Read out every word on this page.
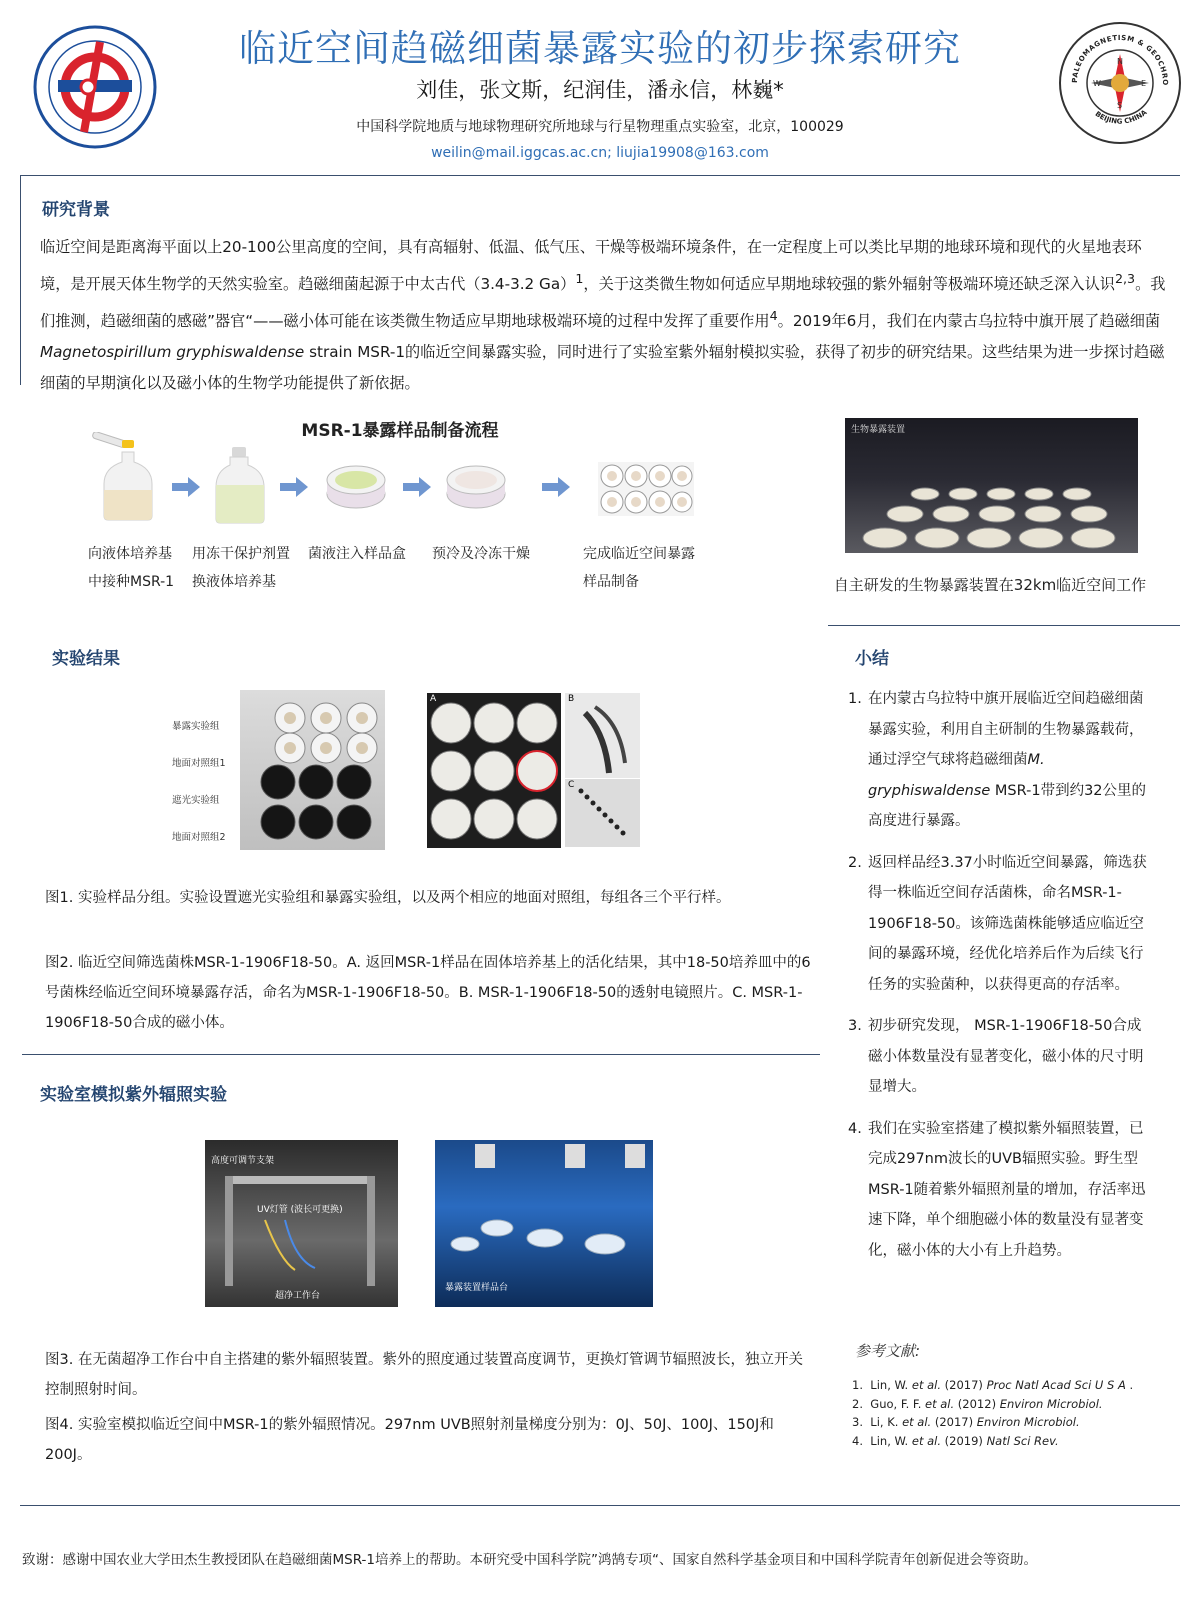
临近空间趋磁细菌暴露实验的初步探索研究
刘佳，张文斯，纪润佳，潘永信，林巍*
中国科学院地质与地球物理研究所地球与行星物理重点实验室，北京，100029
weilin@mail.iggcas.ac.cn; liujia19908@163.com
N
E
S
W
PALEOMAGNETISM & GEOCHRO
BEIJING CHINA
研究背景
临近空间是距离海平面以上20-100公里高度的空间，具有高辐射、低温、低气压、干燥等极端环境条件，在一定程度上可以类比早期的地球环境和现代的火星地表环境，是开展天体生物学的天然实验室。趋磁细菌起源于中太古代（3.4-3.2 Ga）$^1$，关于这类微生物如何适应早期地球较强的紫外辐射等极端环境还缺乏深入认识$^{2,3}$。我们推测，趋磁细菌的感磁”器官“——磁小体可能在该类微生物适应早期地球极端环境的过程中发挥了重要作用$^4$。2019年6月，我们在内蒙古乌拉特中旗开展了趋磁细菌Magnetospirillum gryphiswaldense strain MSR-1的临近空间暴露实验，同时进行了实验室紫外辐射模拟实验，获得了初步的研究结果。这些结果为进一步探讨趋磁细菌的早期演化以及磁小体的生物学功能提供了新依据。
MSR-1暴露样品制备流程
向液体培养基
中接种MSR-1
用冻干保护剂置
换液体培养基
菌液注入样品盒 预冷及冷冻干燥	完成临近空间暴露
样品制备
生物暴露装置
自主研发的生物暴露装置在32km临近空间工作
实验结果
暴露实验组
地面对照组1
遮光实验组
地面对照组2
A	B
C
图1. 实验样品分组。实验设置遮光实验组和暴露实验组，以及两个相应的地面对照组，每组各三个平行样。
图2. 临近空间筛选菌株MSR-1-1906F18-50。A. 返回MSR-1样品在固体培养基上的活化结果，其中18-50培养皿中的6号菌株经临近空间环境暴露存活，命名为MSR-1-1906F18-50。B. MSR-1-1906F18-50的透射电镜照片。C. MSR-1-1906F18-50合成的磁小体。
实验室模拟紫外辐照实验
高度可调节支架
UV灯管 (波长可更换)
超净工作台
暴露装置样品台
图3. 在无菌超净工作台中自主搭建的紫外辐照装置。紫外的照度通过装置高度调节，更换灯管调节辐照波长，独立开关控制照射时间。
图4. 实验室模拟临近空间中MSR-1的紫外辐照情况。297nm UVB照射剂量梯度分别为：0J、50J、100J、150J和200J。
小结
1. 在内蒙古乌拉特中旗开展临近空间趋磁细菌暴露实验，利用自主研制的生物暴露载荷，通过浮空气球将趋磁细菌M. gryphiswaldense MSR-1带到约32公里的高度进行暴露。
2. 返回样品经3.37小时临近空间暴露，筛选获得一株临近空间存活菌株，命名MSR-1-1906F18-50。该筛选菌株能够适应临近空间的暴露环境，经优化培养后作为后续飞行任务的实验菌种，以获得更高的存活率。
3. 初步研究发现， MSR-1-1906F18-50合成磁小体数量没有显著变化，磁小体的尺寸明显增大。
4. 我们在实验室搭建了模拟紫外辐照装置，已完成297nm波长的UVB辐照实验。野生型MSR-1随着紫外辐照剂量的增加，存活率迅速下降，单个细胞磁小体的数量没有显著变化，磁小体的大小有上升趋势。
参考文献:
1. Lin, W. et al. (2017) Proc Natl Acad Sci U S A .
2. Guo, F. F. et al. (2012) Environ Microbiol.
3. Li, K. et al. (2017) Environ Microbiol.
4. Lin, W. et al. (2019) Natl Sci Rev.
致谢：感谢中国农业大学田杰生教授团队在趋磁细菌MSR-1培养上的帮助。本研究受中国科学院”鸿鹄专项“、国家自然科学基金项目和中国科学院青年创新促进会等资助。
